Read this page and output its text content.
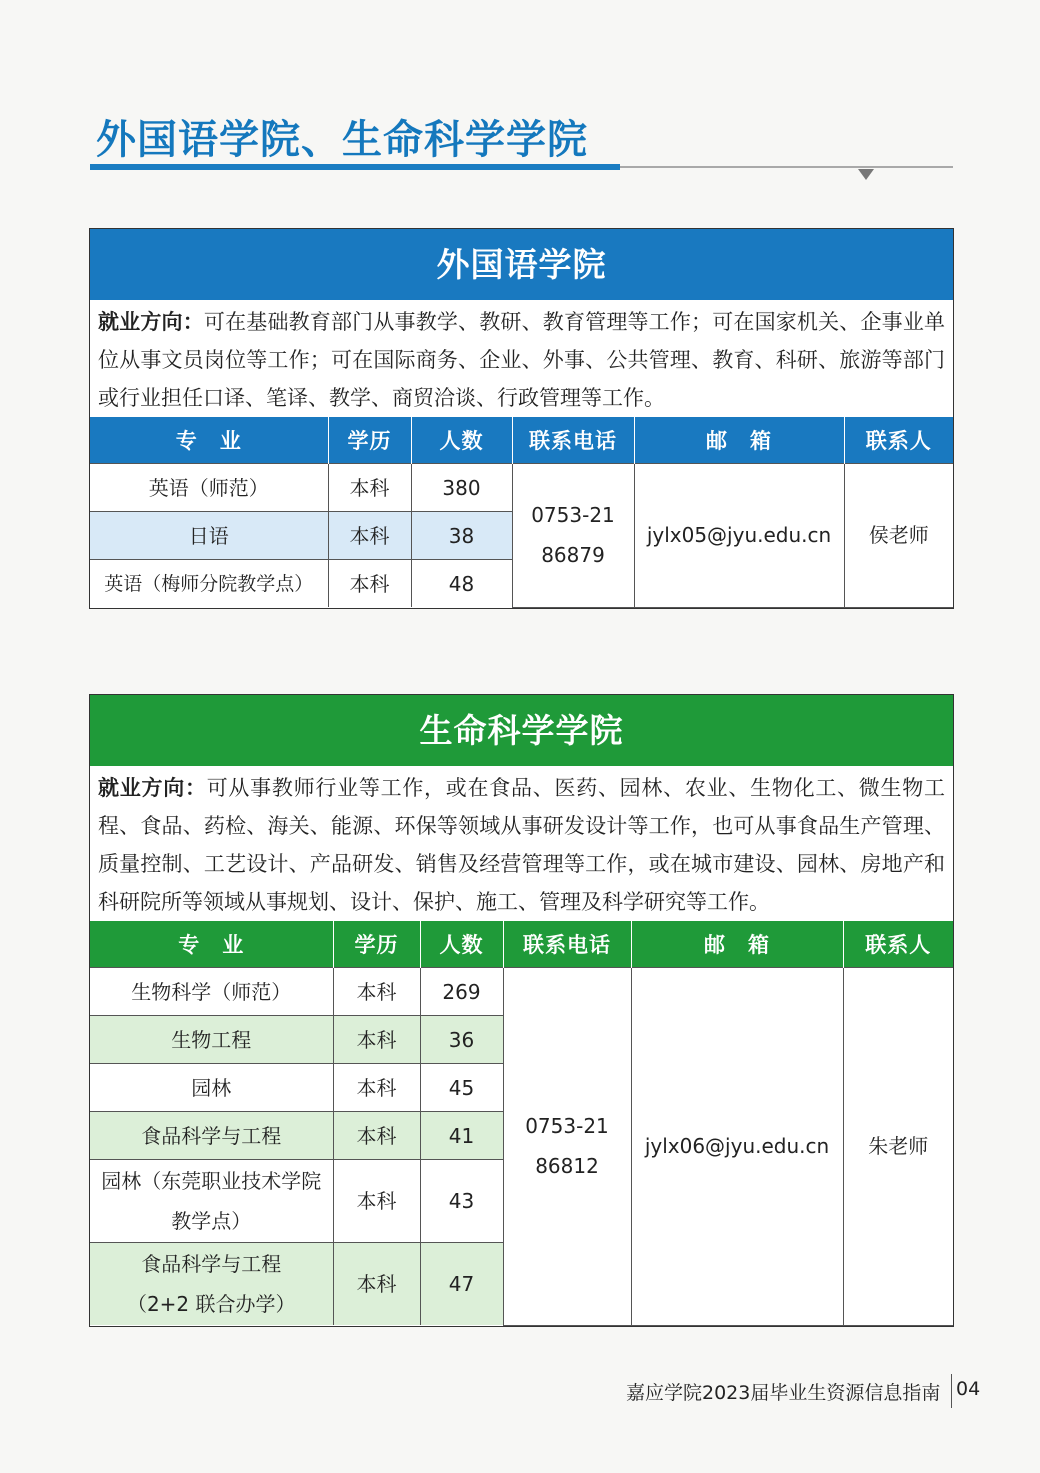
外国语学院、生命科学学院
外国语学院
就业方向：可在基础教育部门从事教学、教研、教育管理等工作；可在国家机关、企事业单位从事文员岗位等工作；可在国际商务、企业、外事、公共管理、教育、科研、旅游等部门或行业担任口译、笔译、教学、商贸洽谈、行政管理等工作。
专　业	学历	人数	联系电话	邮　箱	联系人
英语（师范）	本科	380	0753-2186879	jylx05@jyu.edu.cn	侯老师
日语	本科	38			
英语（梅师分院教学点）	本科	48			
生命科学学院
就业方向：可从事教师行业等工作，或在食品、医药、园林、农业、生物化工、微生物工程、食品、药检、海关、能源、环保等领域从事研发设计等工作，也可从事食品生产管理、质量控制、工艺设计、产品研发、销售及经营管理等工作，或在城市建设、园林、房地产和科研院所等领域从事规划、设计、保护、施工、管理及科学研究等工作。
专　业	学历	人数	联系电话	邮　箱	联系人
生物科学（师范）	本科	269	0753-2186812	jylx06@jyu.edu.cn	朱老师
生物工程	本科	36			
园林	本科	45			
食品科学与工程	本科	41			
园林（东莞职业技术学院教学点）	本科	43			
食品科学与工程（2+2 联合办学）	本科	47			
嘉应学院2023届毕业生资源信息指南 04
